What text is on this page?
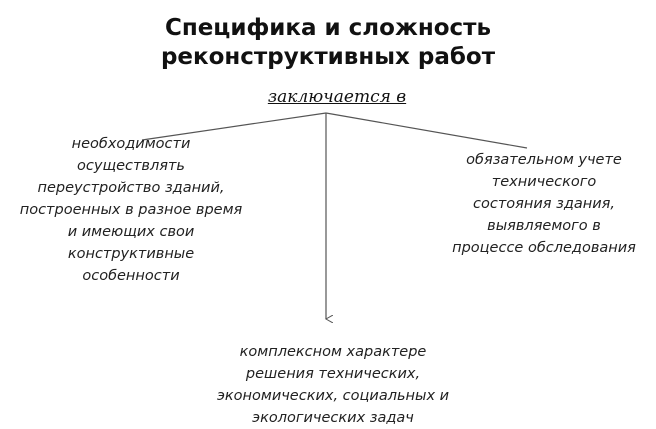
Специфика и сложность
реконструктивных работ
заключается в
необходимости
осуществлять
переустройство зданий,
построенных в разное время
и имеющих свои
конструктивные
особенности
обязательном учете
технического
состояния здания,
выявляемого в
процессе обследования
комплексном характере
решения технических,
экономических, социальных и
экологических задач
